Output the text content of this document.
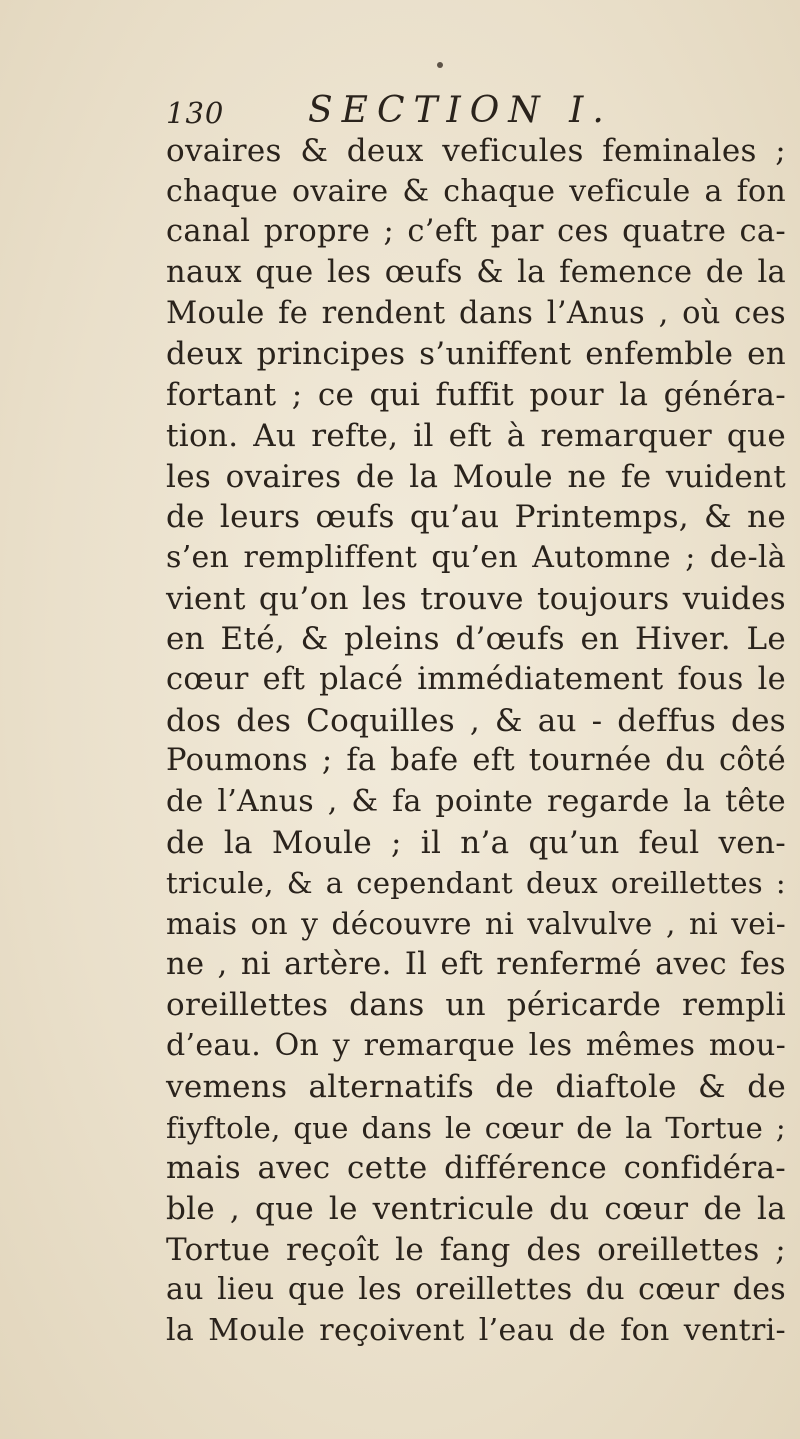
130 SECTION I.
ovaires & deux veficules feminales ;
chaque ovaire & chaque veficule a fon
canal propre ; c’eft par ces quatre ca-
naux que les œufs & la femence de la
Moule fe rendent dans l’Anus , où ces
deux principes s’uniffent enfemble en
fortant ; ce qui fuffit pour la généra-
tion. Au refte, il eft à remarquer que
les ovaires de la Moule ne fe vuident
de leurs œufs qu’au Printemps, & ne
s’en rempliffent qu’en Automne ; de-là
vient qu’on les trouve toujours vuides
en Eté, & pleins d’œufs en Hiver. Le
cœur eft placé immédiatement fous le
dos des Coquilles , & au - deffus des
Poumons ; fa bafe eft tournée du côté
de l’Anus , & fa pointe regarde la tête
de la Moule ; il n’a qu’un feul ven-
tricule, & a cependant deux oreillettes :
mais on y découvre ni valvulve , ni vei-
ne , ni artère. Il eft renfermé avec fes
oreillettes dans un péricarde rempli
d’eau. On y remarque les mêmes mou-
vemens alternatifs de diaftole & de
fiyftole, que dans le cœur de la Tortue ;
mais avec cette différence confidéra-
ble , que le ventricule du cœur de la
Tortue reçoît le fang des oreillettes ;
au lieu que les oreillettes du cœur des
la Moule reçoivent l’eau de fon ventri-
